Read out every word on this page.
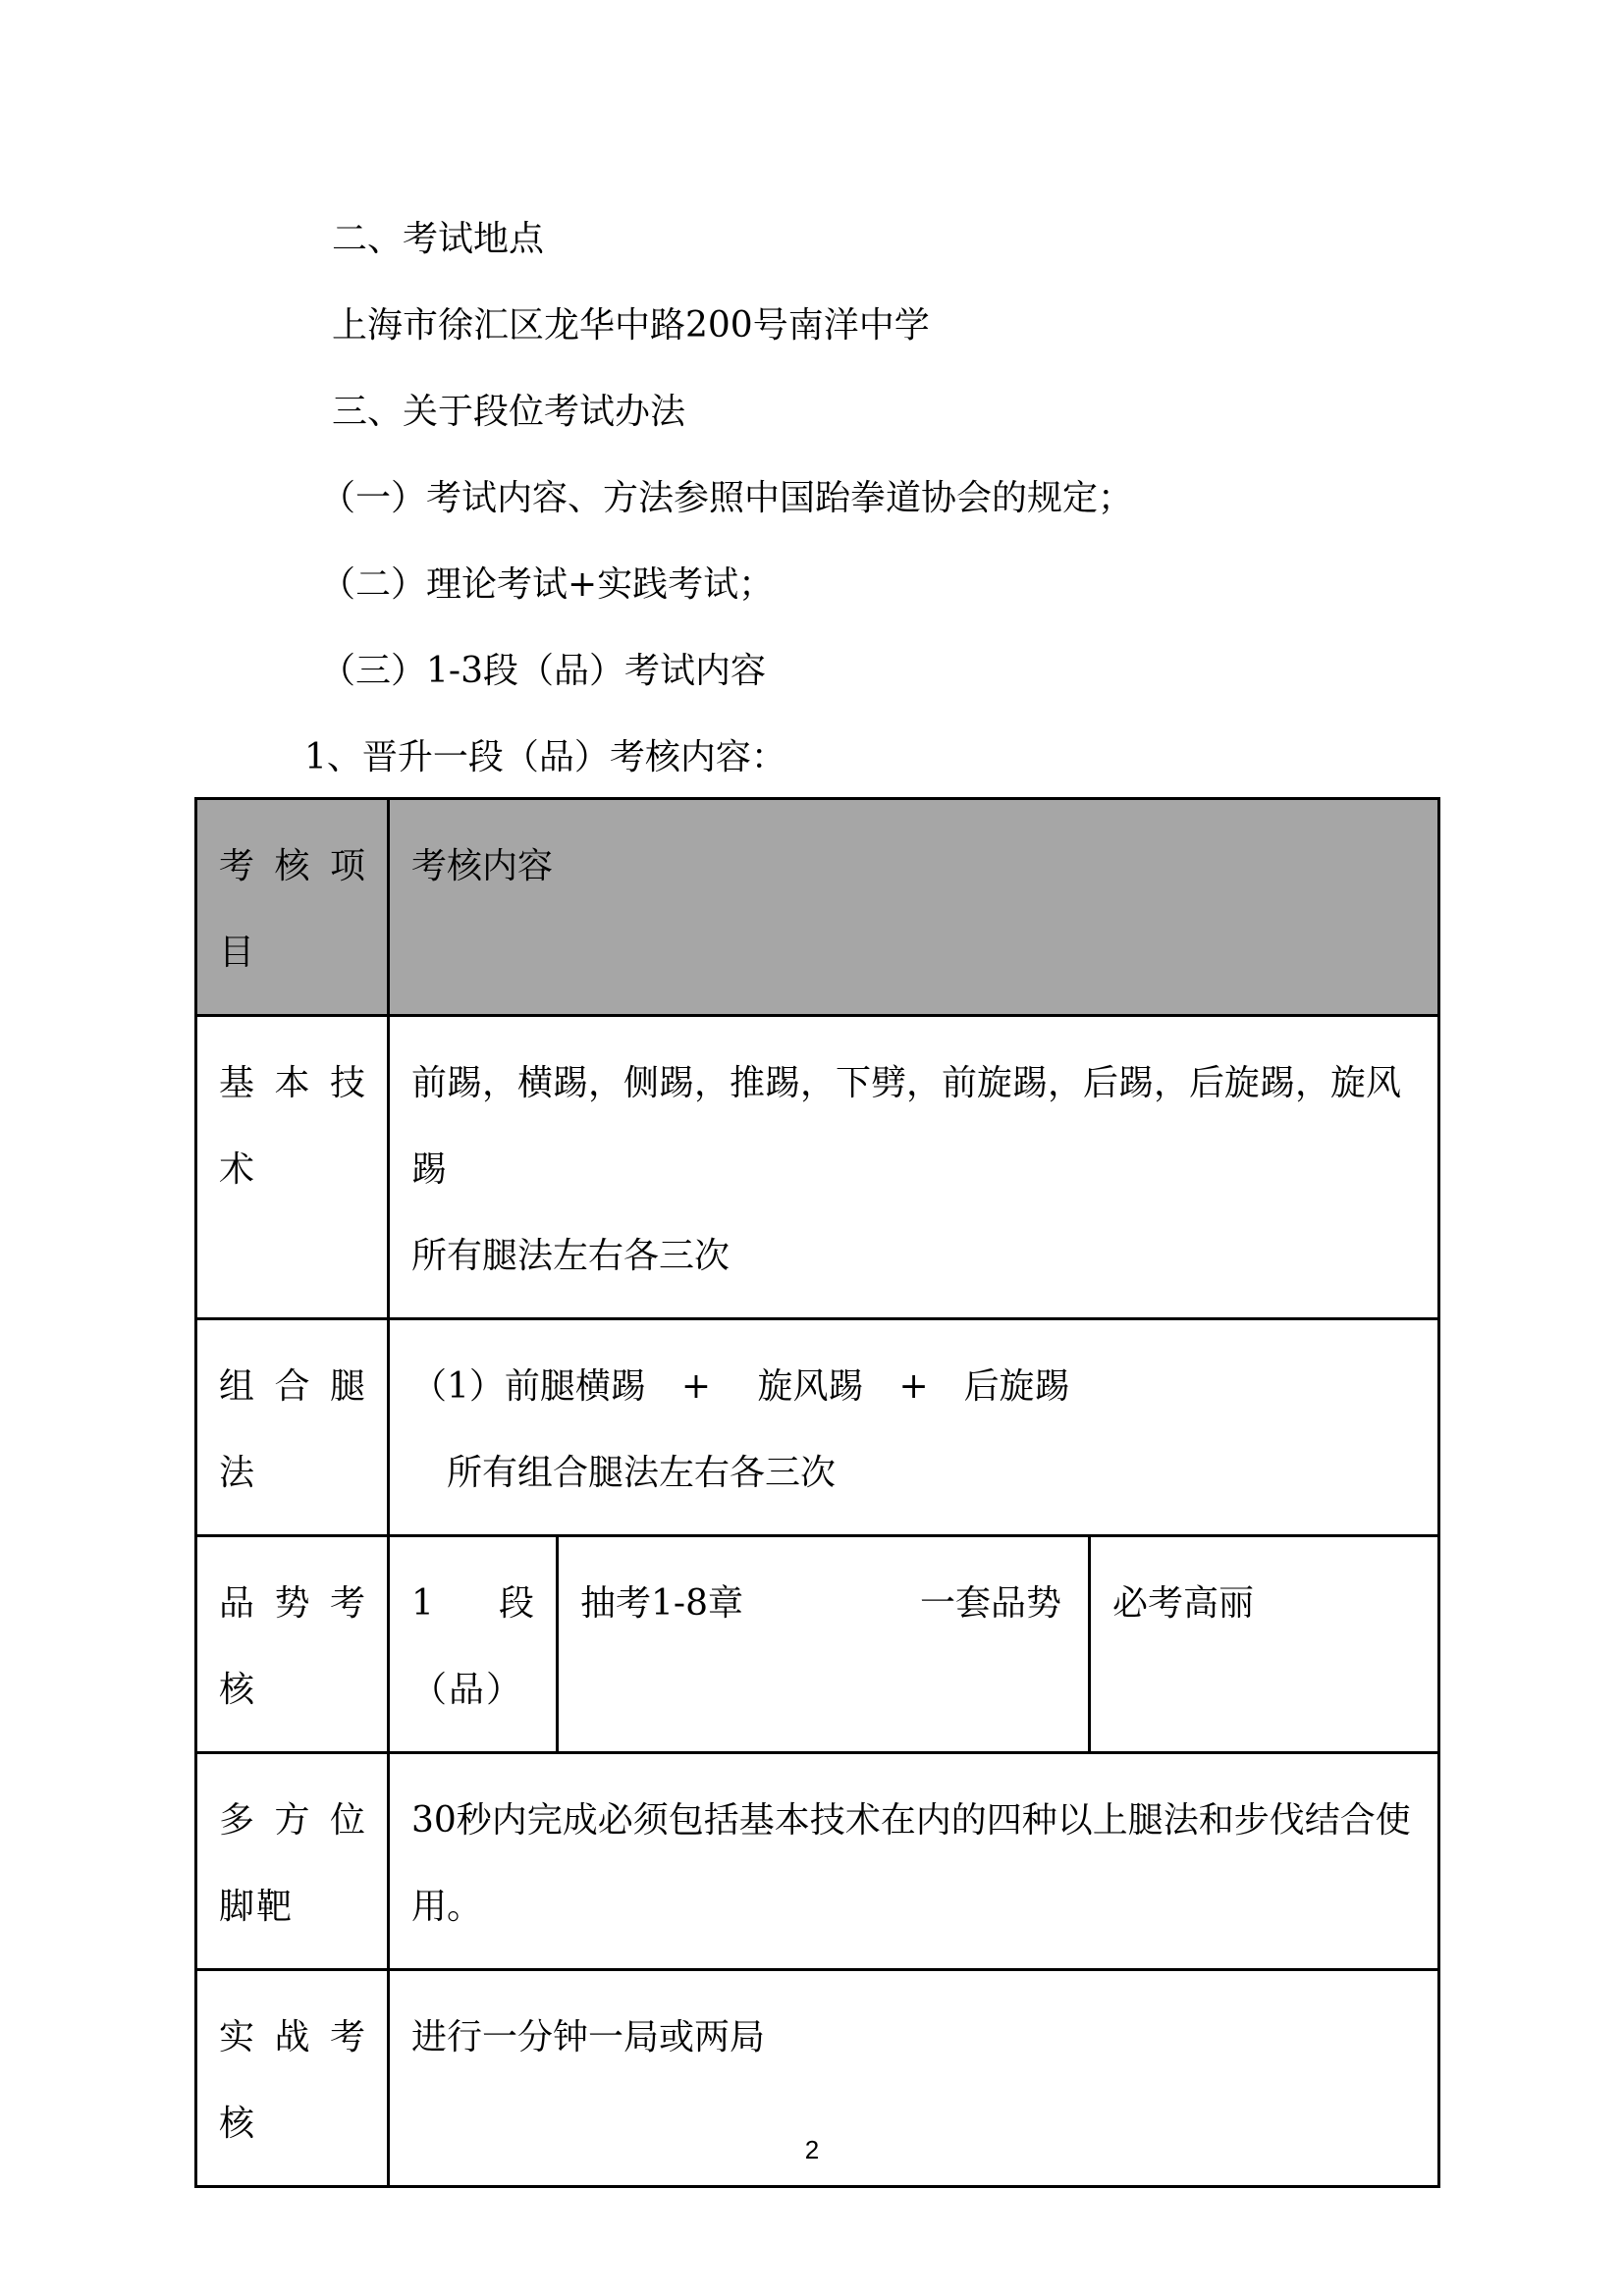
二、考试地点
上海市徐汇区龙华中路200号南洋中学
三、关于段位考试办法
（一）考试内容、方法参照中国跆拳道协会的规定；
（二）理论考试+实践考试；
（三）1-3段（品）考试内容
1、晋升一段（品）考核内容：
考核项目	考核内容		
基本技术	前踢，横踢，侧踢，推踢，下劈，前旋踢，后踢，后旋踢，旋风踢
所有腿法左右各三次		

组合腿法	（1）前腿横踢　+　 旋风踢　+　后旋踢
所有组合腿法左右各三次		

品势考核	1段（品）	抽考1-8章　　　　　一套品势	必考高丽
多方位脚靶	30秒内完成必须包括基本技术在内的四种以上腿法和步伐结合使用。		
实战考核	进行一分钟一局或两局		
2
